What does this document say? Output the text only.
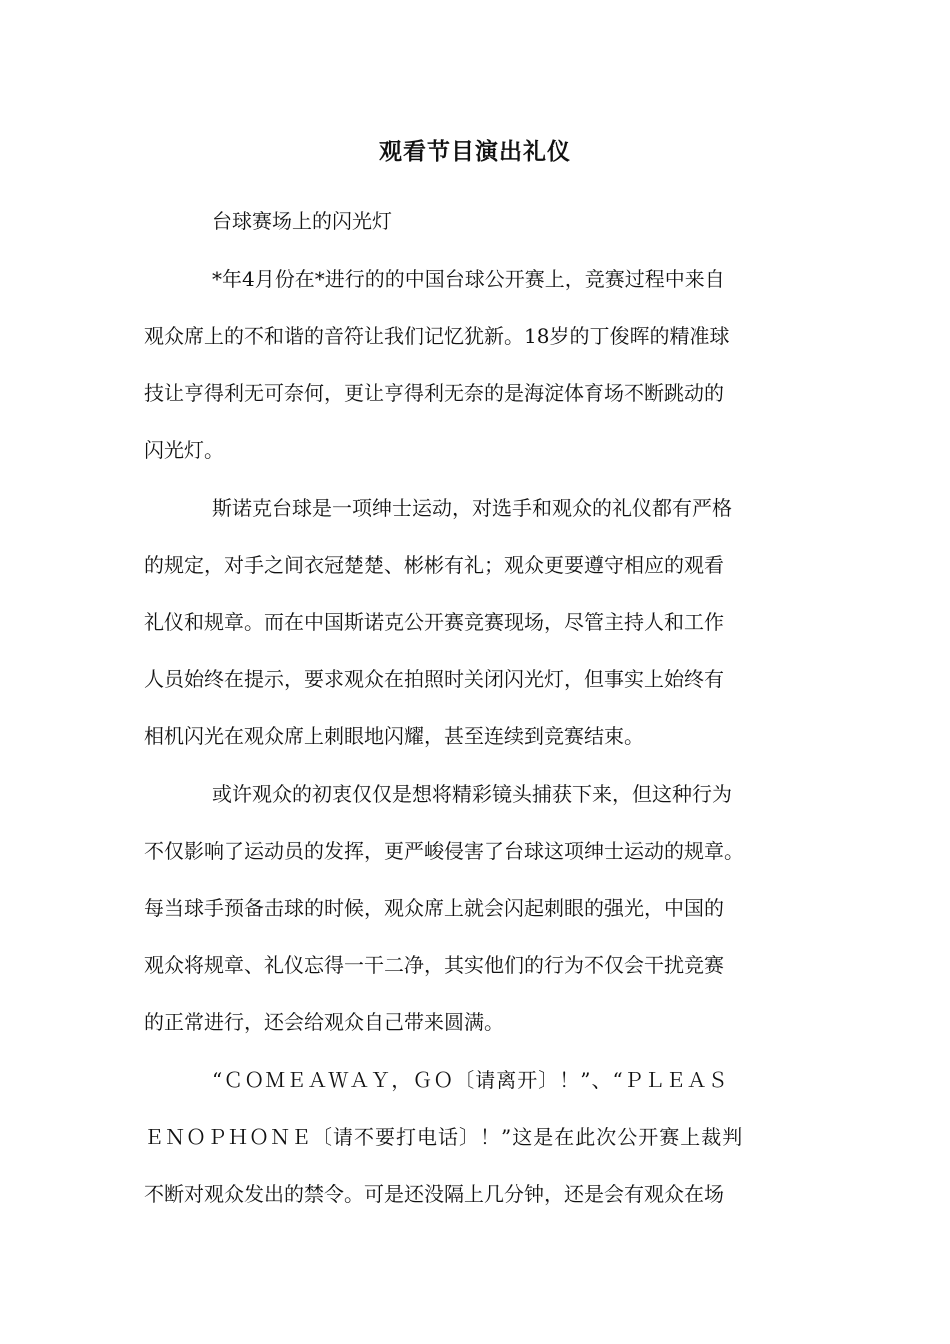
观看节目演出礼仪
台球赛场上的闪光灯
*年4月份在*进行的的中国台球公开赛上，竞赛过程中来自
观众席上的不和谐的音符让我们记忆犹新。18岁的丁俊晖的精准球
技让亨得利无可奈何，更让亨得利无奈的是海淀体育场不断跳动的
闪光灯。
斯诺克台球是一项绅士运动，对选手和观众的礼仪都有严格
的规定，对手之间衣冠楚楚、彬彬有礼；观众更要遵守相应的观看
礼仪和规章。而在中国斯诺克公开赛竞赛现场，尽管主持人和工作
人员始终在提示，要求观众在拍照时关闭闪光灯，但事实上始终有
相机闪光在观众席上刺眼地闪耀，甚至连续到竞赛结束。
或许观众的初衷仅仅是想将精彩镜头捕获下来，但这种行为
不仅影响了运动员的发挥，更严峻侵害了台球这项绅士运动的规章。
每当球手预备击球的时候，观众席上就会闪起刺眼的强光，中国的
观众将规章、礼仪忘得一干二净，其实他们的行为不仅会干扰竞赛
的正常进行，还会给观众自己带来圆满。
“ＣＯＭＥＡＷＡＹ，ＧＯ〔请离开〕！”、“ＰＬＥＡＳ
ＥＮＯＰＨＯＮＥ〔请不要打电话〕！”这是在此次公开赛上裁判
不断对观众发出的禁令。可是还没隔上几分钟，还是会有观众在场
